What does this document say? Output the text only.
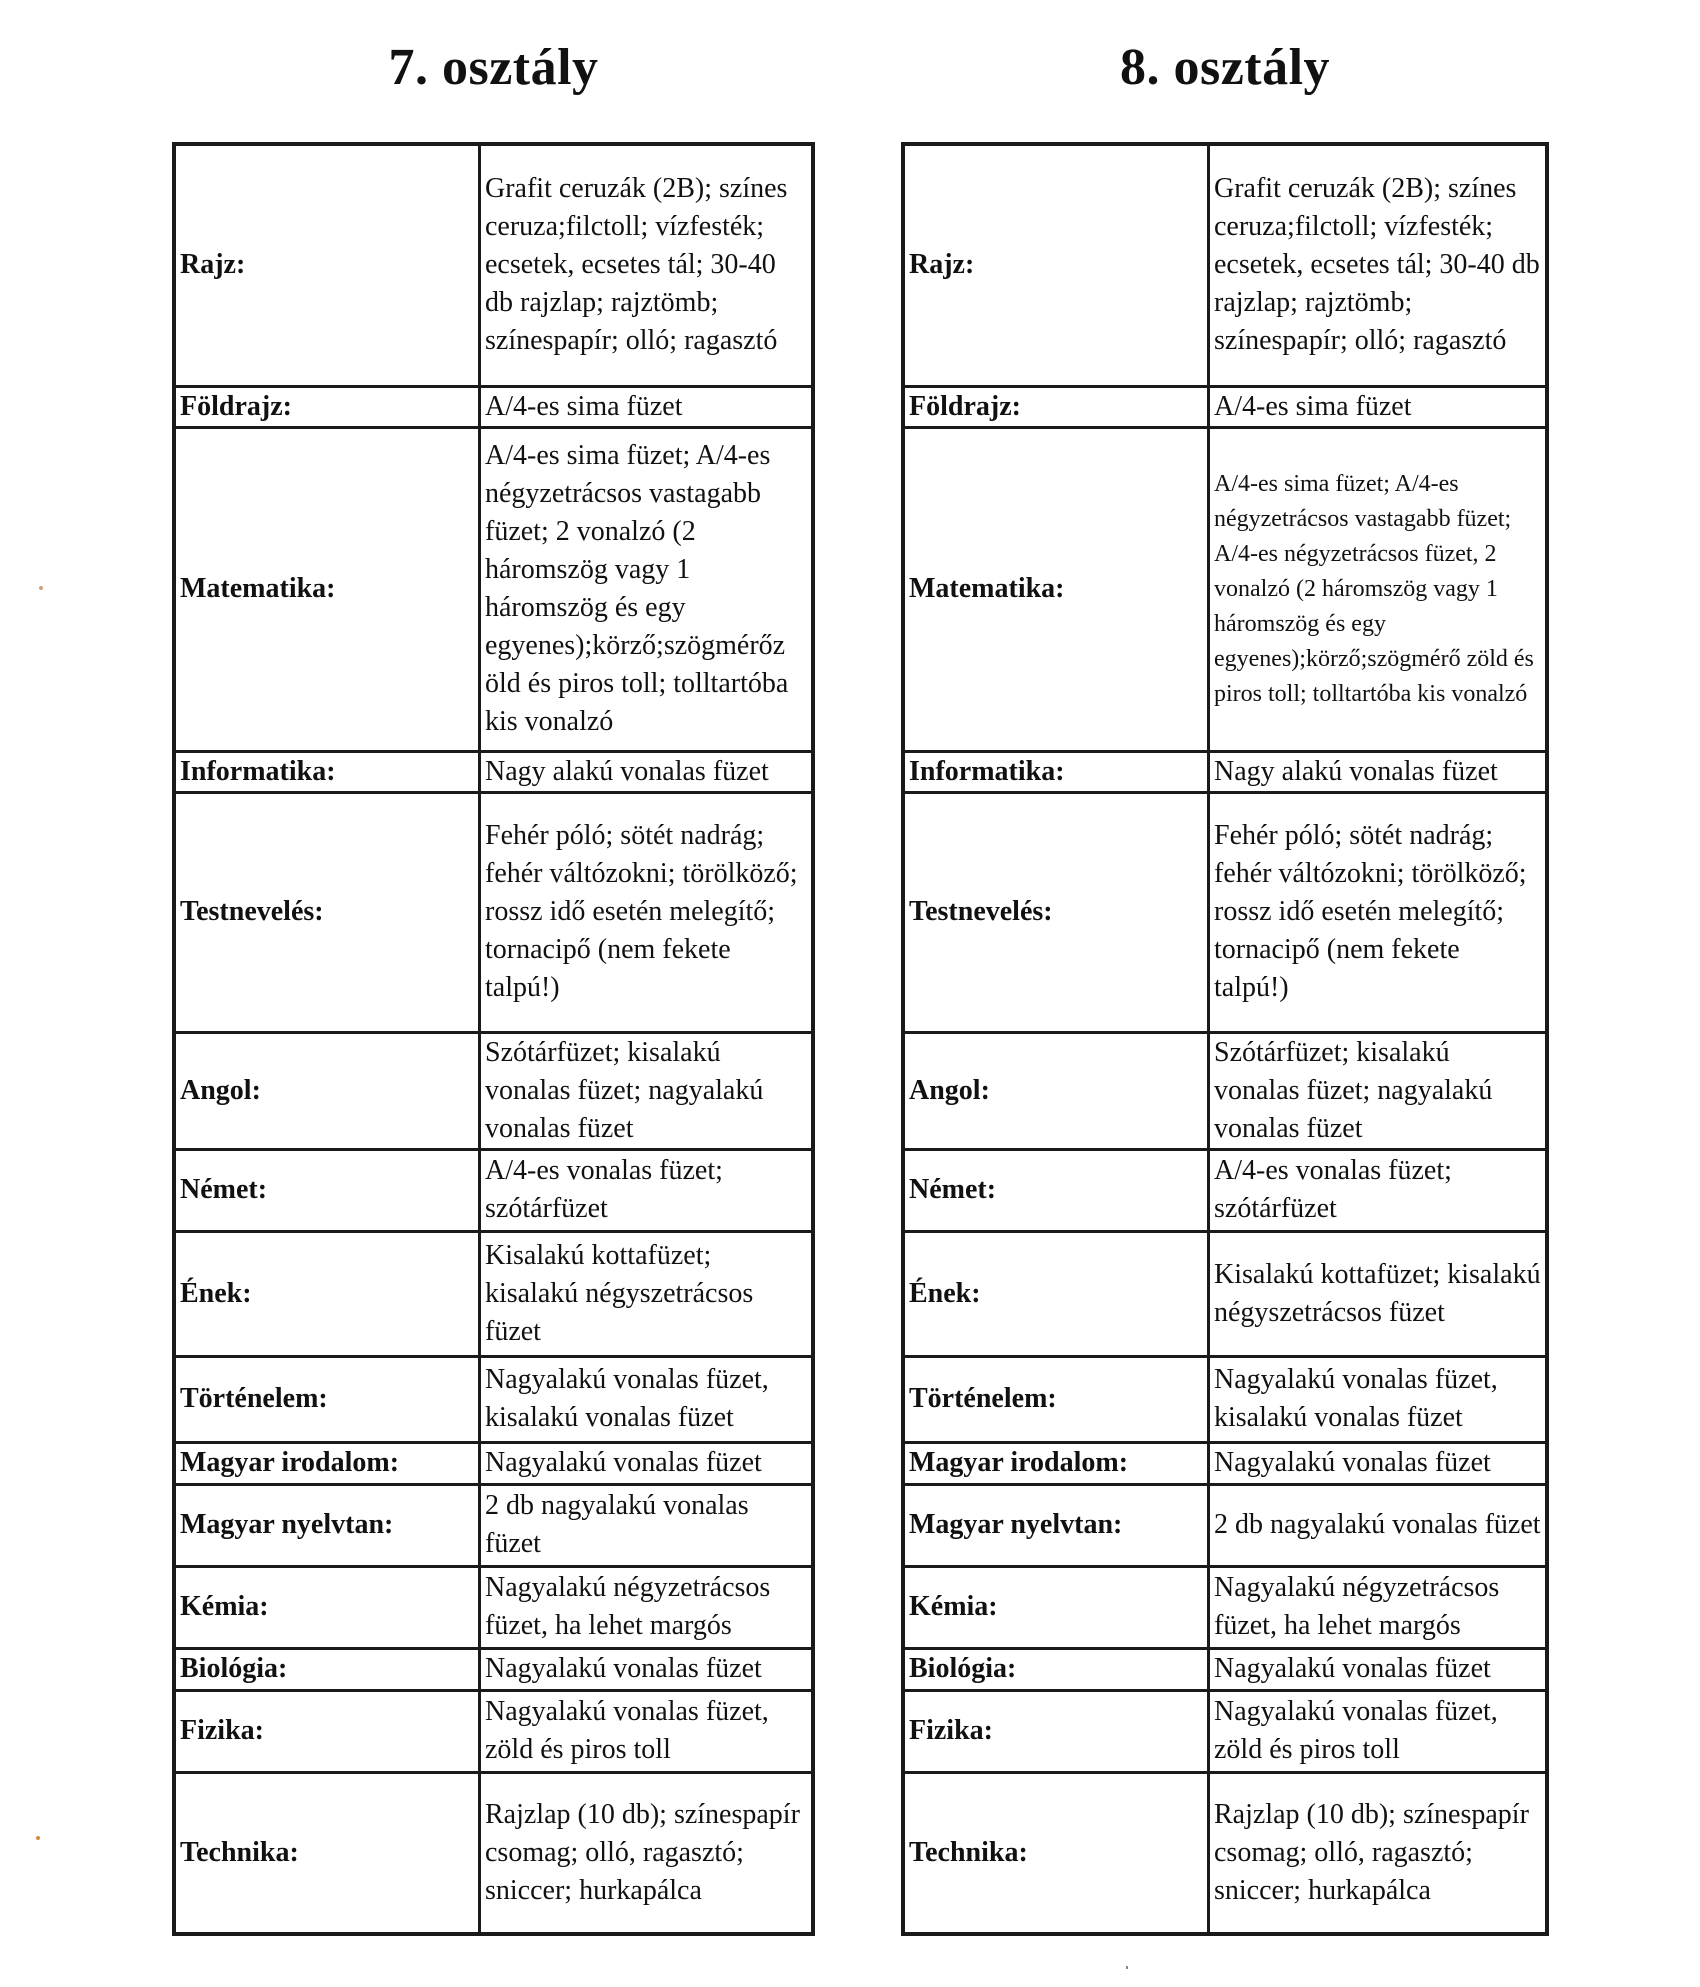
7. osztály
Rajz:	Grafit ceruzák (2B); színes ceruza;filctoll; vízfesték; ecsetek, ecsetes tál; 30-40 db rajzlap; rajztömb; színespapír; olló; ragasztó
Földrajz:	A/4-es sima füzet
Matematika:	A/4-es sima füzet; A/4-es négyzetrácsos vastagabb füzet; 2 vonalzó (2 háromszög vagy 1 háromszög és egy egyenes);körző;szögmérőz öld és piros toll; tolltartóba kis vonalzó
Informatika:	Nagy alakú vonalas füzet
Testnevelés:	Fehér póló; sötét nadrág; fehér váltózokni; törölköző; rossz idő esetén melegítő; tornacipő (nem fekete talpú!)
Angol:	Szótárfüzet; kisalakú vonalas füzet; nagyalakú vonalas füzet
Német:	A/4-es vonalas füzet; szótárfüzet
Ének:	Kisalakú kottafüzet; kisalakú négyszetrácsos füzet
Történelem:	Nagyalakú vonalas füzet, kisalakú vonalas füzet
Magyar irodalom:	Nagyalakú vonalas füzet
Magyar nyelvtan:	2 db nagyalakú vonalas füzet
Kémia:	Nagyalakú négyzetrácsos füzet, ha lehet margós
Biológia:	Nagyalakú vonalas füzet
Fizika:	Nagyalakú vonalas füzet, zöld és piros toll
Technika:	Rajzlap (10 db); színespapír csomag; olló, ragasztó; sniccer; hurkapálca
8. osztály
Rajz:	Grafit ceruzák (2B); színes ceruza;filctoll; vízfesték; ecsetek, ecsetes tál; 30-40 db rajzlap; rajztömb; színespapír; olló; ragasztó
Földrajz:	A/4-es sima füzet
Matematika:	A/4-es sima füzet; A/4-es négyzetrácsos vastagabb füzet; A/4-es négyzetrácsos füzet, 2 vonalzó (2 háromszög vagy 1 háromszög és egy egyenes);körző;szögmérő zöld és piros toll; tolltartóba kis vonalzó
Informatika:	Nagy alakú vonalas füzet
Testnevelés:	Fehér póló; sötét nadrág; fehér váltózokni; törölköző; rossz idő esetén melegítő; tornacipő (nem fekete talpú!)
Angol:	Szótárfüzet; kisalakú vonalas füzet; nagyalakú vonalas füzet
Német:	A/4-es vonalas füzet; szótárfüzet
Ének:	Kisalakú kottafüzet; kisalakú négyszetrácsos füzet
Történelem:	Nagyalakú vonalas füzet, kisalakú vonalas füzet
Magyar irodalom:	Nagyalakú vonalas füzet
Magyar nyelvtan:	2 db nagyalakú vonalas füzet
Kémia:	Nagyalakú négyzetrácsos füzet, ha lehet margós
Biológia:	Nagyalakú vonalas füzet
Fizika:	Nagyalakú vonalas füzet, zöld és piros toll
Technika:	Rajzlap (10 db); színespapír csomag; olló, ragasztó; sniccer; hurkapálca
